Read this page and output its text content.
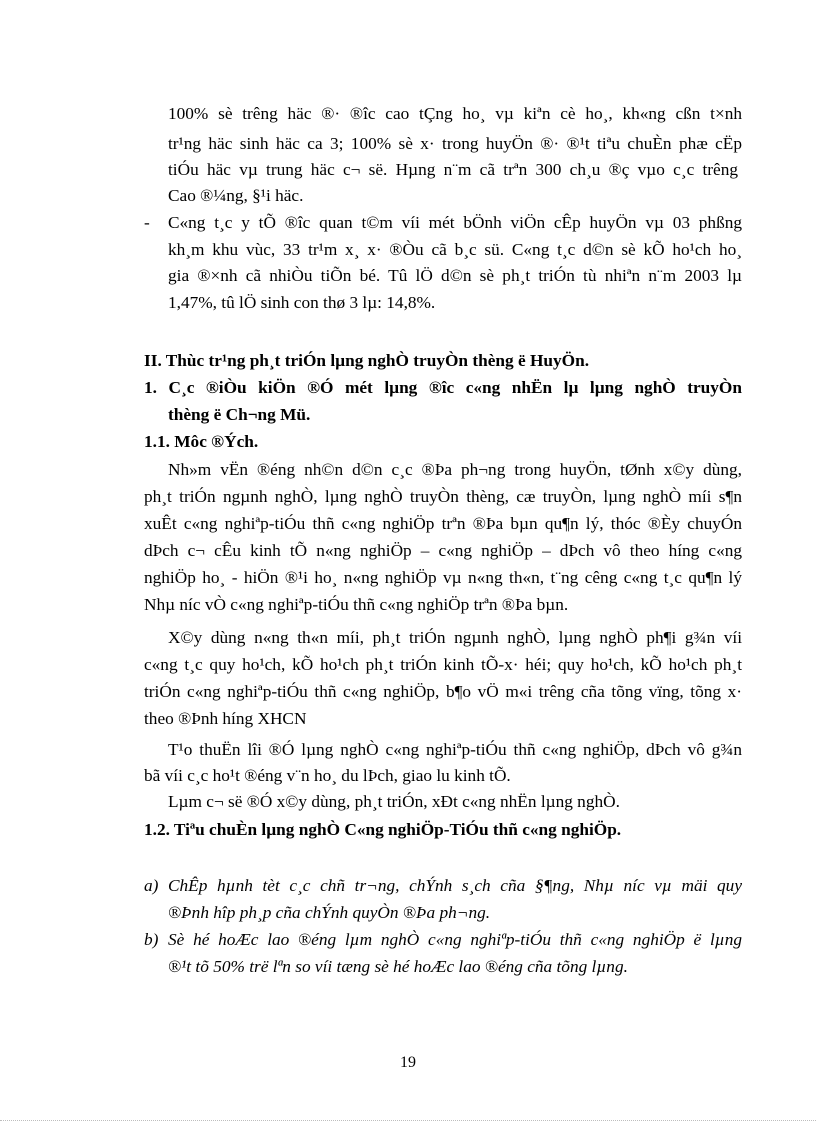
100% sè trêng häc ®· ®îc cao tÇng ho¸ vµ kiªn cè ho¸, kh«ng cßn t×nh
tr¹ng häc sinh häc ca 3; 100% sè x· trong huyÖn ®· ®¹t tiªu chuÈn phæ cËp
tiÓu häc vµ trung häc c¬ së. Hµng n¨m cã trªn 300 ch¸u ®ç vµo c¸c trêng
Cao ®¼ng, §¹i häc.
- C«ng t¸c y tÕ ®îc quan t©m víi mét bÖnh viÖn cÊp huyÖn vµ 03 phßng
kh¸m khu vùc, 33 tr¹m x¸ x· ®Òu cã b¸c sü. C«ng t¸c d©n sè kÕ ho¹ch ho¸
gia ®×nh cã nhiÒu tiÕn bé. Tû lÖ d©n sè ph¸t triÓn tù nhiªn n¨m 2003 lµ
1,47%, tû lÖ sinh con thø 3 lµ: 14,8%.
II. Thùc tr¹ng ph¸t triÓn lµng nghÒ truyÒn thèng ë HuyÖn.
1. C¸c ®iÒu kiÖn ®Ó mét lµng ®îc c«ng nhËn lµ lµng nghÒ truyÒn
thèng ë Ch¬ng Mü.
1.1. Môc ®Ých.
Nh»m vËn ®éng nh©n d©n c¸c ®Þa ph¬ng trong huyÖn, tØnh x©y dùng,
ph¸t triÓn ngµnh nghÒ, lµng nghÒ truyÒn thèng, cæ truyÒn, lµng nghÒ míi s¶n
xuÊt c«ng nghiªp-tiÓu thñ c«ng nghiÖp trªn ®Þa bµn qu¶n lý, thóc ®Èy chuyÓn
dÞch c¬ cÊu kinh tÕ n«ng nghiÖp – c«ng nghiÖp – dÞch vô theo híng c«ng
nghiÖp ho¸ - hiÖn ®¹i ho¸ n«ng nghiÖp vµ n«ng th«n, t¨ng cêng c«ng t¸c qu¶n lý
Nhµ níc vÒ c«ng nghiªp-tiÓu thñ c«ng nghiÖp trªn ®Þa bµn.
X©y dùng n«ng th«n míi, ph¸t triÓn ngµnh nghÒ, lµng nghÒ ph¶i g¾n víi
c«ng t¸c quy ho¹ch, kÕ ho¹ch ph¸t triÓn kinh tÕ-x· héi; quy ho¹ch, kÕ ho¹ch ph¸t
triÓn c«ng nghiªp-tiÓu thñ c«ng nghiÖp, b¶o vÖ m«i trêng cña tõng vïng, tõng x·
theo ®Þnh híng XHCN
T¹o thuËn lîi ®Ó lµng nghÒ c«ng nghiªp-tiÓu thñ c«ng nghiÖp, dÞch vô g¾n
bã víi c¸c ho¹t ®éng v¨n ho¸ du lÞch, giao lu kinh tÕ.
Lµm c¬ së ®Ó x©y dùng, ph¸t triÓn, xÐt c«ng nhËn lµng nghÒ.
1.2. Tiªu chuÈn lµng nghÒ C«ng nghiÖp-TiÓu thñ c«ng nghiÖp.
a) ChÊp hµnh tèt c¸c chñ tr¬ng, chÝnh s¸ch cña §¶ng, Nhµ níc vµ mäi quy
®Þnh hîp ph¸p cña chÝnh quyÒn ®Þa ph¬ng.
b) Sè hé hoÆc lao ®éng lµm nghÒ c«ng nghiªp-tiÓu thñ c«ng nghiÖp ë lµng
®¹t tõ 50% trë lªn so víi tæng sè hé hoÆc lao ®éng cña tõng lµng.
19
